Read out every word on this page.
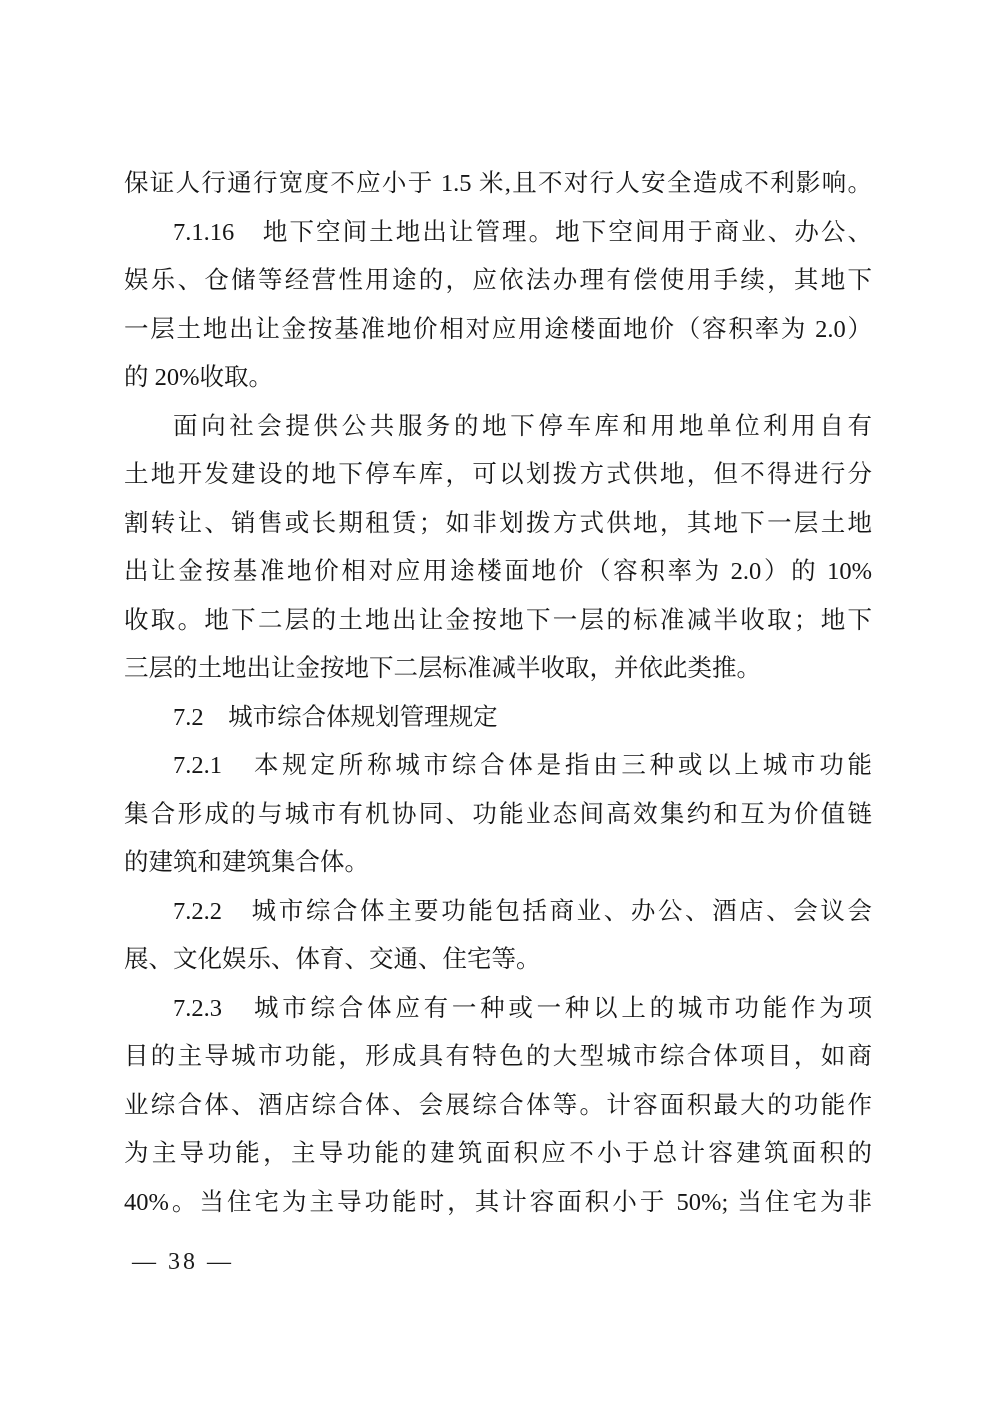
保证人行通行宽度不应小于 1.5 米,且不对行人安全造成不利影响。
7.1.16　地下空间土地出让管理。地下空间用于商业、办公、
娱乐、仓储等经营性用途的，应依法办理有偿使用手续，其地下
一层土地出让金按基准地价相对应用途楼面地价（容积率为 2.0）
的 20%收取。
面向社会提供公共服务的地下停车库和用地单位利用自有
土地开发建设的地下停车库，可以划拨方式供地，但不得进行分
割转让、销售或长期租赁；如非划拨方式供地，其地下一层土地
出让金按基准地价相对应用途楼面地价（容积率为 2.0）的 10%
收取。地下二层的土地出让金按地下一层的标准减半收取；地下
三层的土地出让金按地下二层标准减半收取，并依此类推。
7.2　城市综合体规划管理规定
7.2.1　本规定所称城市综合体是指由三种或以上城市功能
集合形成的与城市有机协同、功能业态间高效集约和互为价值链
的建筑和建筑集合体。
7.2.2　城市综合体主要功能包括商业、办公、酒店、会议会
展、文化娱乐、体育、交通、住宅等。
7.2.3　城市综合体应有一种或一种以上的城市功能作为项
目的主导城市功能，形成具有特色的大型城市综合体项目，如商
业综合体、酒店综合体、会展综合体等。计容面积最大的功能作
为主导功能，主导功能的建筑面积应不小于总计容建筑面积的
40%。当住宅为主导功能时，其计容面积小于 50%; 当住宅为非
— 38 —
